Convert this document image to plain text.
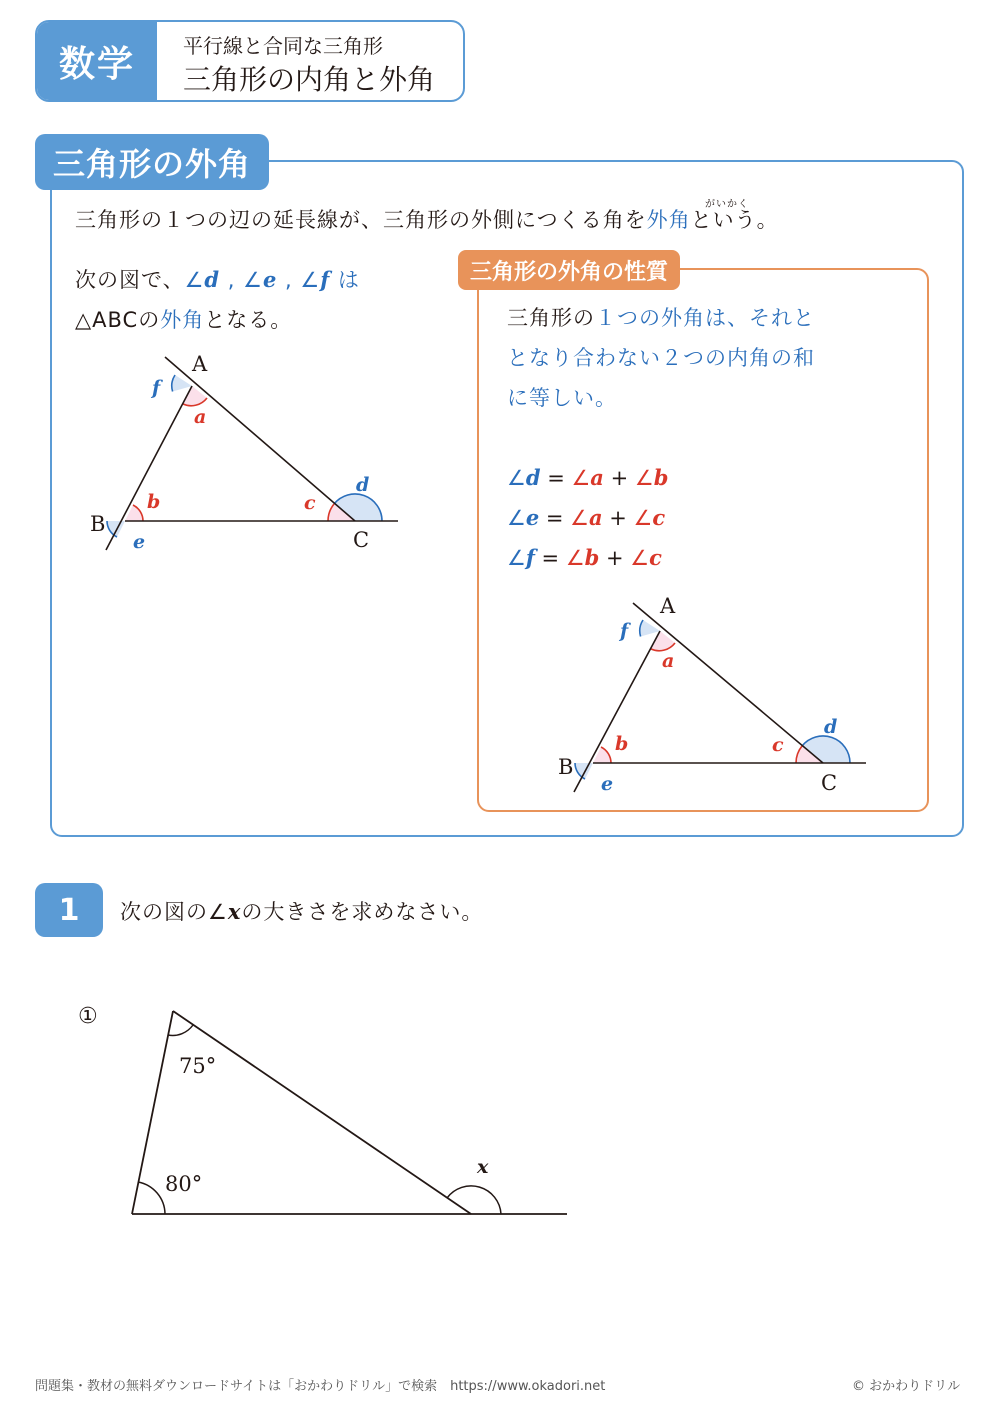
数学	平行線と合同な三角形
三角形の内角と外角
三角形の外角
がいかく
三角形の１つの辺の延長線が、三角形の外側につくる角を外角という。
次の図で、∠d , ∠e , ∠f は
△ABCの外角となる。
A
B
C
a
b	c
d
e
f
三角形の外角の性質
三角形の１つの外角は、それと
となり合わない２つの内角の和
に等しい。
∠d = ∠a + ∠b
∠e = ∠a + ∠c
∠f = ∠b + ∠c
A
B
C
a
b	c
d
e
f
1	次の図の∠xの大きさを求めなさい。
①
75°
80°
x
問題集・教材の無料ダウンロードサイトは「おかわりドリル」で検索　https://www.okadori.net	© おかわりドリル
